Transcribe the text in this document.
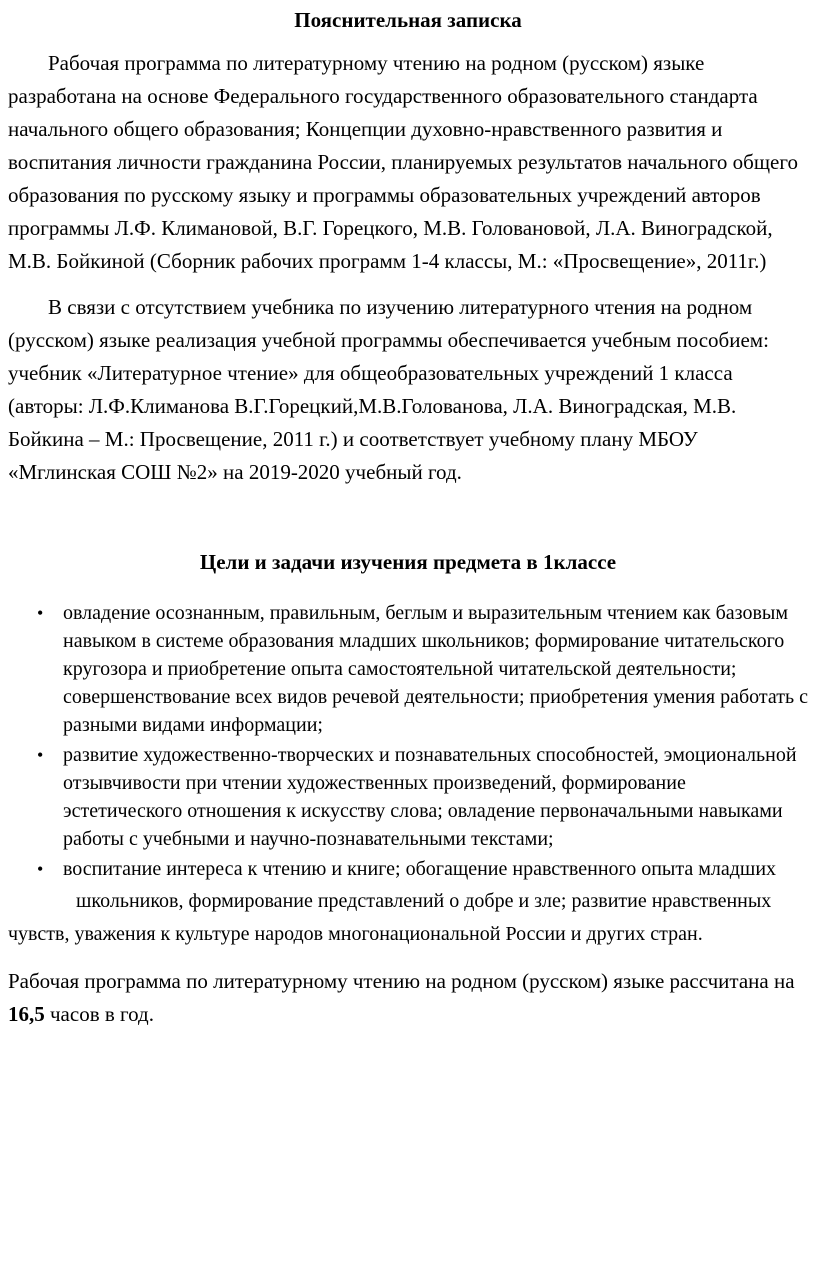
Пояснительная записка

Рабочая программа по литературному чтению на родном (русском) языке разработана на основе Федерального государственного образовательного стандарта начального общего образования; Концепции духовно-нравственного развития и воспитания личности гражданина России, планируемых результатов начального общего образования по русскому языку и программы образовательных учреждений авторов программы Л.Ф. Климановой, В.Г. Горецкого, М.В. Головановой, Л.А. Виноградской, М.В. Бойкиной (Сборник рабочих программ 1-4 классы, М.: «Просвещение», 2011г.)

В связи с отсутствием учебника по изучению литературного чтения на родном (русском) языке реализация учебной программы обеспечивается учебным пособием: учебник «Литературное чтение» для общеобразовательных учреждений 1 класса (авторы: Л.Ф.Климанова В.Г.Горецкий,М.В.Голованова, Л.А. Виноградская, М.В. Бойкина – М.: Просвещение, 2011 г.) и соответствует учебному плану МБОУ «Мглинская СОШ №2» на 2019-2020 учебный год.

Цели и задачи изучения предмета в 1классе
• овладение осознанным, правильным, беглым и выразительным чтением как базовым навыком в системе образования младших школьников; формирование читательского кругозора и приобретение опыта самостоятельной читательской деятельности; совершенствование всех видов речевой деятельности; приобретения умения работать с разными видами информации;
• развитие художественно-творческих и познавательных способностей, эмоциональной отзывчивости при чтении художественных произведений, формирование эстетического отношения к искусству слова; овладение первоначальными навыками работы с учебными и научно-познавательными текстами;
• воспитание интереса к чтению и книге; обогащение нравственного опыта младших

школьников, формирование представлений о добре и зле; развитие нравственных чувств, уважения к культуре народов многонациональной России и других стран.

Рабочая программа по литературному чтению на родном (русском) языке рассчитана на 16,5 часов в год.
